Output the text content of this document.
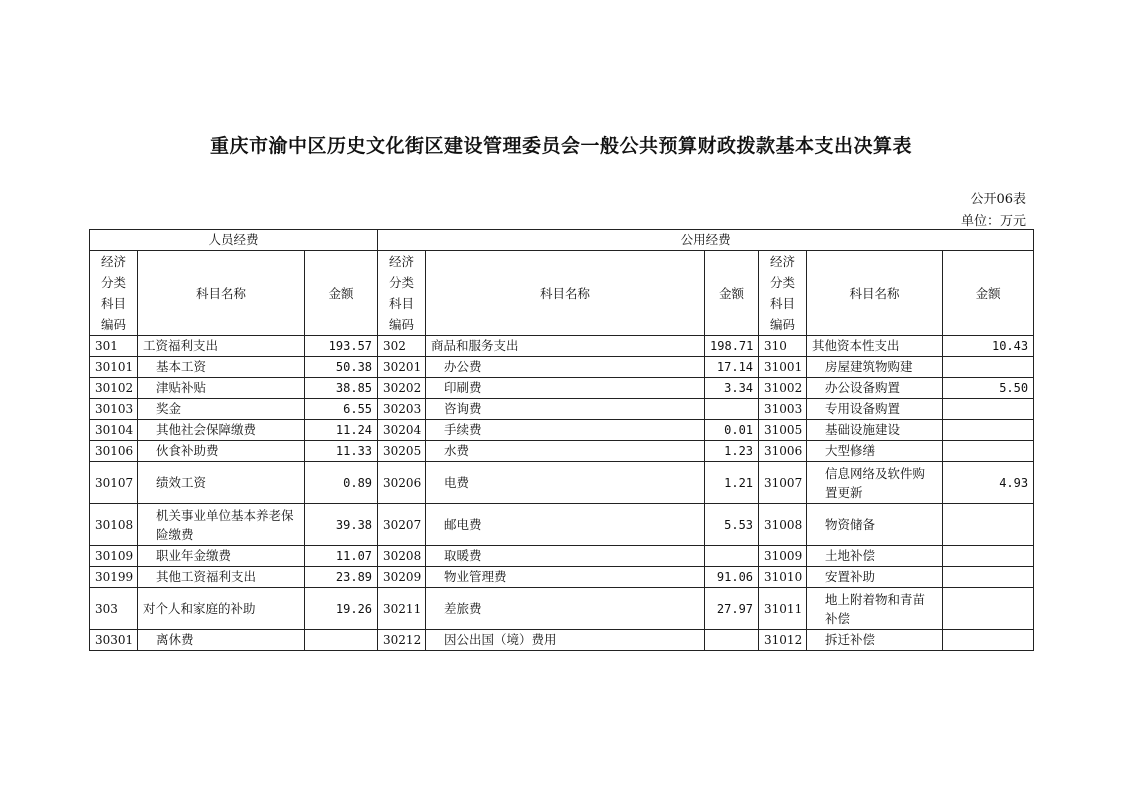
重庆市渝中区历史文化街区建设管理委员会一般公共预算财政拨款基本支出决算表
公开06表
单位：万元
人员经费			公用经费					
经济分类科目编码	科目名称	金额	经济分类科目编码	科目名称	金额	经济分类科目编码	科目名称	金额
301	工资福利支出	193.57	302	商品和服务支出	198.71	310	其他资本性支出	10.43
30101	基本工资	50.38	30201	办公费	17.14	31001	房屋建筑物购建	
30102	津贴补贴	38.85	30202	印刷费	3.34	31002	办公设备购置	5.50
30103	奖金	6.55	30203	咨询费		31003	专用设备购置	
30104	其他社会保障缴费	11.24	30204	手续费	0.01	31005	基础设施建设	
30106	伙食补助费	11.33	30205	水费	1.23	31006	大型修缮	
30107	绩效工资	0.89	30206	电费	1.21	31007	信息网络及软件购置更新	4.93
30108	机关事业单位基本养老保险缴费	39.38	30207	邮电费	5.53	31008	物资储备	
30109	职业年金缴费	11.07	30208	取暖费		31009	土地补偿	
30199	其他工资福利支出	23.89	30209	物业管理费	91.06	31010	安置补助	
303	对个人和家庭的补助	19.26	30211	差旅费	27.97	31011	地上附着物和青苗补偿	
30301	离休费		30212	因公出国（境）费用		31012	拆迁补偿	
